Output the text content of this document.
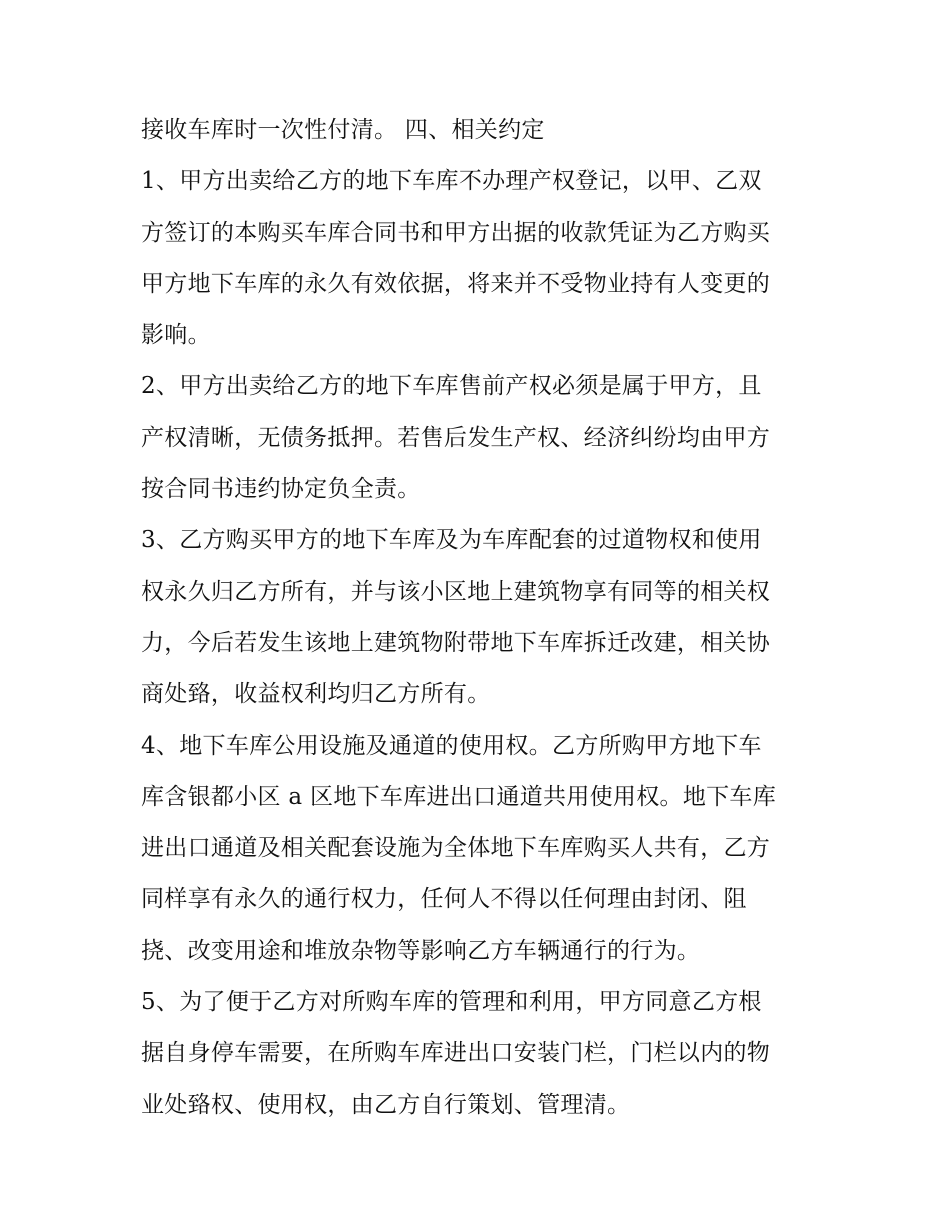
接收车库时一次性付清。 四、相关约定
1、甲方出卖给乙方的地下车库不办理产权登记，以甲、乙双
方签订的本购买车库合同书和甲方出据的收款凭证为乙方购买
甲方地下车库的永久有效依据，将来并不受物业持有人变更的
影响。
2、甲方出卖给乙方的地下车库售前产权必须是属于甲方，且
产权清晰，无债务抵押。若售后发生产权、经济纠纷均由甲方
按合同书违约协定负全责。
3、乙方购买甲方的地下车库及为车库配套的过道物权和使用
权永久归乙方所有，并与该小区地上建筑物享有同等的相关权
力，今后若发生该地上建筑物附带地下车库拆迁改建，相关协
商处臵，收益权利均归乙方所有。
4、地下车库公用设施及通道的使用权。乙方所购甲方地下车
库含银都小区 a 区地下车库进出口通道共用使用权。地下车库
进出口通道及相关配套设施为全体地下车库购买人共有，乙方
同样享有永久的通行权力，任何人不得以任何理由封闭、阻
挠、改变用途和堆放杂物等影响乙方车辆通行的行为。
5、为了便于乙方对所购车库的管理和利用，甲方同意乙方根
据自身停车需要，在所购车库进出口安装门栏，门栏以内的物
业处臵权、使用权，由乙方自行策划、管理清。
